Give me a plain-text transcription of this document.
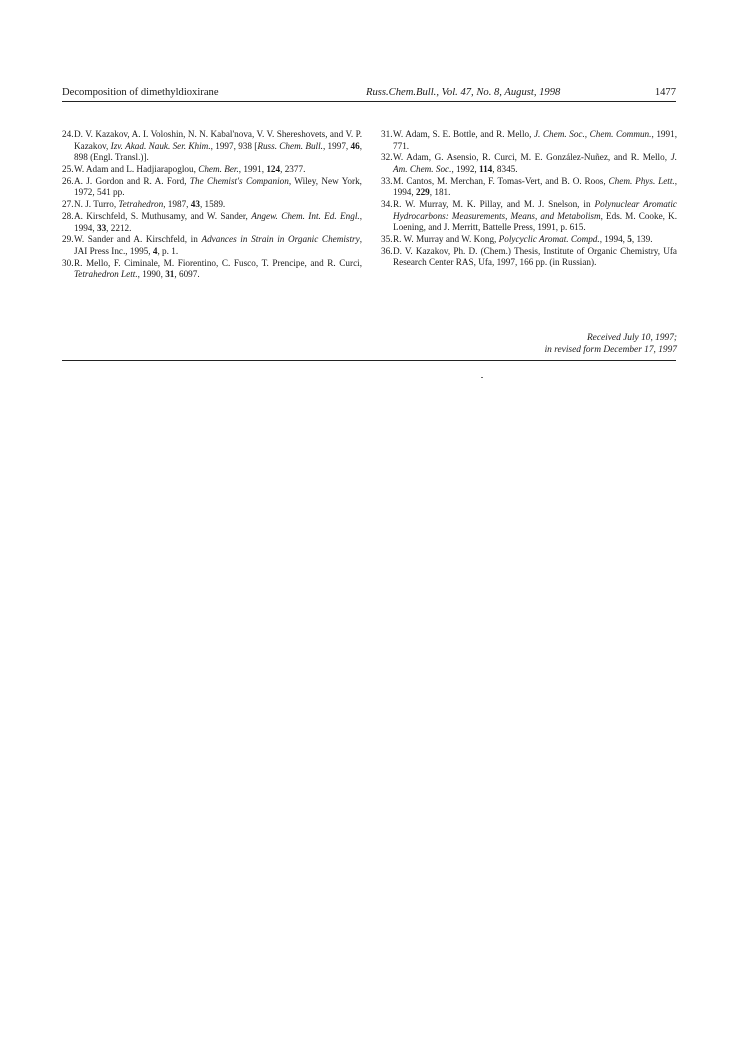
Decomposition of dimethyldioxirane	Russ.Chem.Bull., Vol. 47, No. 8, August, 1998	1477
24.D. V. Kazakov, A. I. Voloshin, N. N. Kabal'nova, V. V. Shereshovets, and V. P. Kazakov, Izv. Akad. Nauk. Ser. Khim., 1997, 938 [Russ. Chem. Bull., 1997, 46, 898 (Engl. Transl.)].
25.W. Adam and L. Hadjiarapoglou, Chem. Ber., 1991, 124, 2377.
26.A. J. Gordon and R. A. Ford, The Chemist's Companion, Wiley, New York, 1972, 541 pp.
27.N. J. Turro, Tetrahedron, 1987, 43, 1589.
28.A. Kirschfeld, S. Muthusamy, and W. Sander, Angew. Chem. Int. Ed. Engl., 1994, 33, 2212.
29.W. Sander and A. Kirschfeld, in Advances in Strain in Organic Chemistry, JAI Press Inc., 1995, 4, p. 1.
30.R. Mello, F. Ciminale, M. Fiorentino, C. Fusco, T. Prencipe, and R. Curci, Tetrahedron Lett., 1990, 31, 6097.
31.W. Adam, S. E. Bottle, and R. Mello, J. Chem. Soc., Chem. Commun., 1991, 771.
32.W. Adam, G. Asensio, R. Curci, M. E. González-Nuñez, and R. Mello, J. Am. Chem. Soc., 1992, 114, 8345.
33.M. Cantos, M. Merchan, F. Tomas-Vert, and B. O. Roos, Chem. Phys. Lett., 1994, 229, 181.
34.R. W. Murray, M. K. Pillay, and M. J. Snelson, in Polynuclear Aromatic Hydrocarbons: Measurements, Means, and Metabolism, Eds. M. Cooke, K. Loening, and J. Merritt, Battelle Press, 1991, p. 615.
35.R. W. Murray and W. Kong, Polycyclic Aromat. Compd., 1994, 5, 139.
36.D. V. Kazakov, Ph. D. (Chem.) Thesis, Institute of Organic Chemistry, Ufa Research Center RAS, Ufa, 1997, 166 pp. (in Russian).
Received July 10, 1997;
in revised form December 17, 1997
